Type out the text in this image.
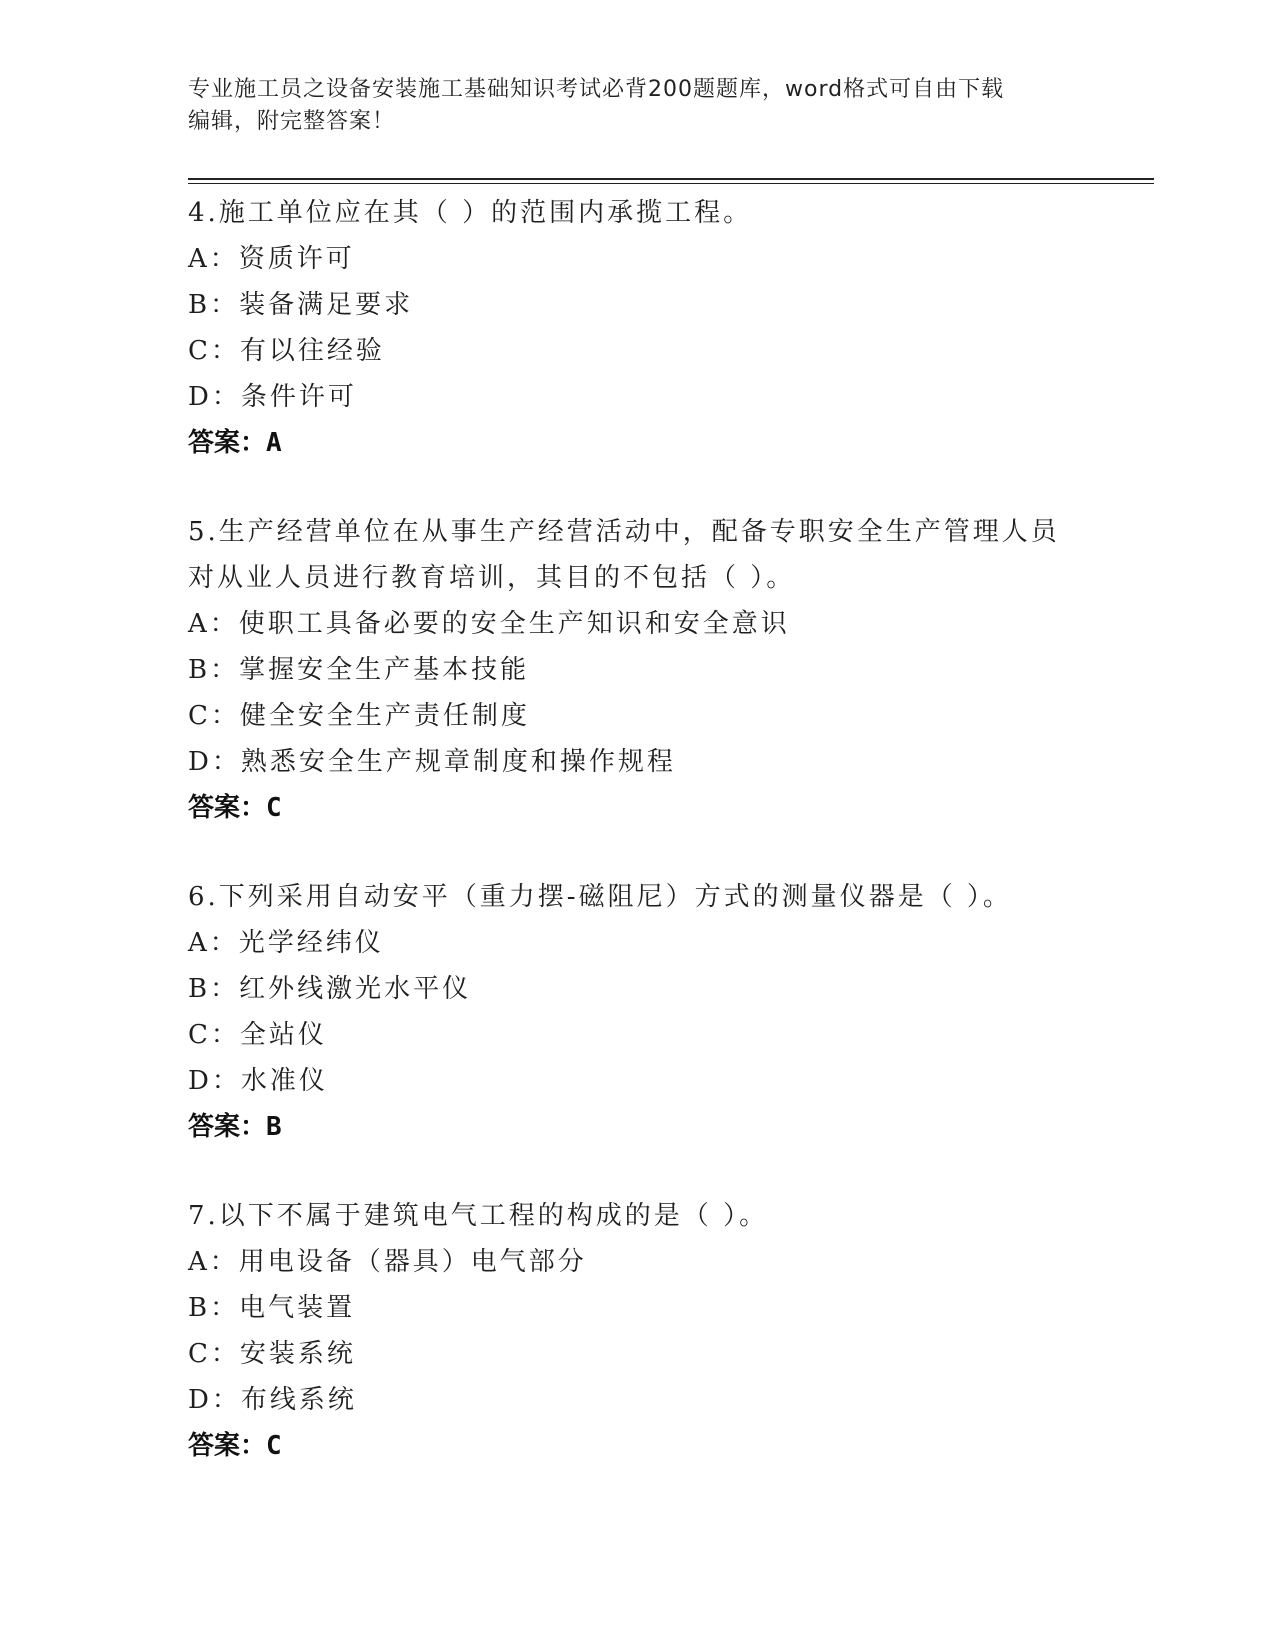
专业施工员之设备安装施工基础知识考试必背200题题库，word格式可自由下载
编辑，附完整答案！
4.施工单位应在其（ ）的范围内承揽工程。
A：资质许可
B：装备满足要求
C：有以往经验
D：条件许可
答案：A
5.生产经营单位在从事生产经营活动中，配备专职安全生产管理人员
对从业人员进行教育培训，其目的不包括（ ）。
A：使职工具备必要的安全生产知识和安全意识
B：掌握安全生产基本技能
C：健全安全生产责任制度
D：熟悉安全生产规章制度和操作规程
答案：C
6.下列采用自动安平（重力摆-磁阻尼）方式的测量仪器是（ ）。
A：光学经纬仪
B：红外线激光水平仪
C：全站仪
D：水准仪
答案：B
7.以下不属于建筑电气工程的构成的是（ ）。
A：用电设备（器具）电气部分
B：电气装置
C：安装系统
D：布线系统
答案：C
